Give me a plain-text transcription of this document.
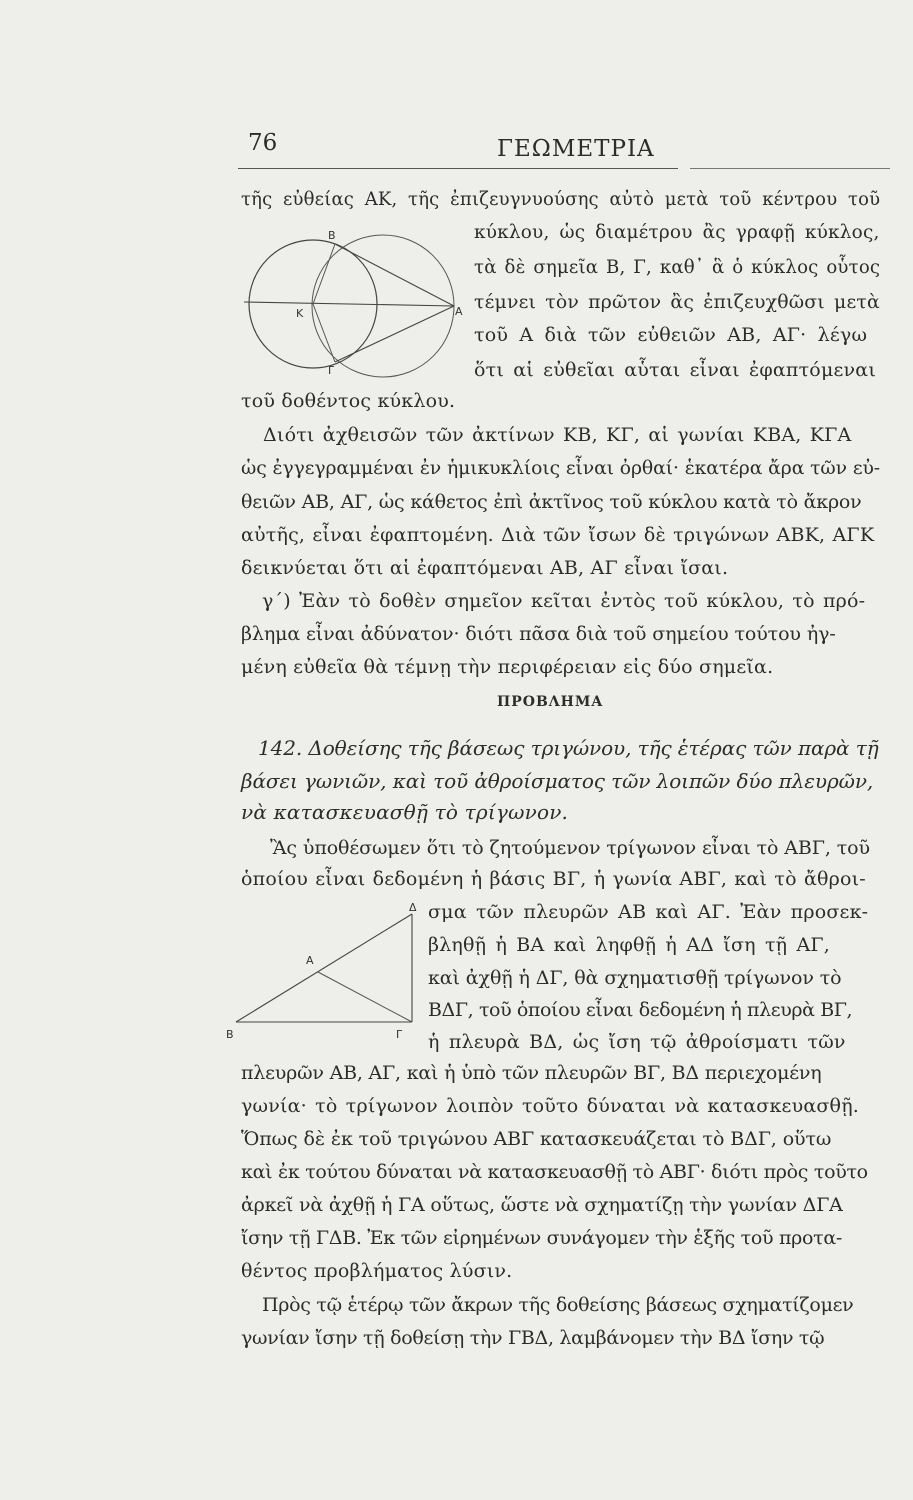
76	ΓΕΩΜΕΤΡΙΑ
Β
Κ	Α
Γ
Δ
Α
Β	Γ
τῆς εὐθείας ΑΚ, τῆς ἐπιζευγνυούσης αὐτὸ μετὰ τοῦ κέντρου τοῦ
κύκλου, ὡς διαμέτρου ἂς γραφῇ κύκλος,
τὰ δὲ σημεῖα Β, Γ, καθ᾽ ἃ ὁ κύκλος οὗτος
τέμνει τὸν πρῶτον ἂς ἐπιζευχθῶσι μετὰ
τοῦ Α διὰ τῶν εὐθειῶν ΑΒ, ΑΓ· λέγω
ὅτι αἱ εὐθεῖαι αὗται εἶναι ἐφαπτόμεναι
τοῦ δοθέντος κύκλου.
Διότι ἀχθεισῶν τῶν ἀκτίνων ΚΒ, ΚΓ, αἱ γωνίαι ΚΒΑ, ΚΓΑ
ὡς ἐγγεγραμμέναι ἐν ἡμικυκλίοις εἶναι ὀρθαί· ἑκατέρα ἄρα τῶν εὐ-
θειῶν ΑΒ, ΑΓ, ὡς κάθετος ἐπὶ ἀκτῖνος τοῦ κύκλου κατὰ τὸ ἄκρον
αὐτῆς, εἶναι ἐφαπτομένη. Διὰ τῶν ἴσων δὲ τριγώνων ΑΒΚ, ΑΓΚ
δεικνύεται ὅτι αἱ ἐφαπτόμεναι ΑΒ, ΑΓ εἶναι ἴσαι.
γ΄) Ἐὰν τὸ δοθὲν σημεῖον κεῖται ἐντὸς τοῦ κύκλου, τὸ πρό-
βλημα εἶναι ἀδύνατον· διότι πᾶσα διὰ τοῦ σημείου τούτου ἠγ-
μένη εὐθεῖα θὰ τέμνῃ τὴν περιφέρειαν εἰς δύο σημεῖα.
ΠΡΟΒΛΗΜΑ
142. Δοθείσης τῆς βάσεως τριγώνου, τῆς ἑτέρας τῶν παρὰ τῇ
βάσει γωνιῶν, καὶ τοῦ ἀθροίσματος τῶν λοιπῶν δύο πλευρῶν,
νὰ κατασκευασθῇ τὸ τρίγωνον.
Ἂς ὑποθέσωμεν ὅτι τὸ ζητούμενον τρίγωνον εἶναι τὸ ΑΒΓ, τοῦ
ὁποίου εἶναι δεδομένη ἡ βάσις ΒΓ, ἡ γωνία ΑΒΓ, καὶ τὸ ἄθροι-
σμα τῶν πλευρῶν ΑΒ καὶ ΑΓ. Ἐὰν προσεκ-
βληθῇ ἡ ΒΑ καὶ ληφθῇ ἡ ΑΔ ἴση τῇ ΑΓ,
καὶ ἀχθῇ ἡ ΔΓ, θὰ σχηματισθῇ τρίγωνον τὸ
ΒΔΓ, τοῦ ὁποίου εἶναι δεδομένη ἡ πλευρὰ ΒΓ,
ἡ πλευρὰ ΒΔ, ὡς ἴση τῷ ἀθροίσματι τῶν
πλευρῶν ΑΒ, ΑΓ, καὶ ἡ ὑπὸ τῶν πλευρῶν ΒΓ, ΒΔ περιεχομένη
γωνία· τὸ τρίγωνον λοιπὸν τοῦτο δύναται νὰ κατασκευασθῇ.
Ὅπως δὲ ἐκ τοῦ τριγώνου ΑΒΓ κατασκευάζεται τὸ ΒΔΓ, οὕτω
καὶ ἐκ τούτου δύναται νὰ κατασκευασθῇ τὸ ΑΒΓ· διότι πρὸς τοῦτο
ἀρκεῖ νὰ ἀχθῇ ἡ ΓΑ οὕτως, ὥστε νὰ σχηματίζῃ τὴν γωνίαν ΔΓΑ
ἴσην τῇ ΓΔΒ. Ἐκ τῶν εἰρημένων συνάγομεν τὴν ἑξῆς τοῦ προτα-
θέντος προβλήματος λύσιν.
Πρὸς τῷ ἑτέρῳ τῶν ἄκρων τῆς δοθείσης βάσεως σχηματίζομεν
γωνίαν ἴσην τῇ δοθείσῃ τὴν ΓΒΔ, λαμβάνομεν τὴν ΒΔ ἴσην τῷ
